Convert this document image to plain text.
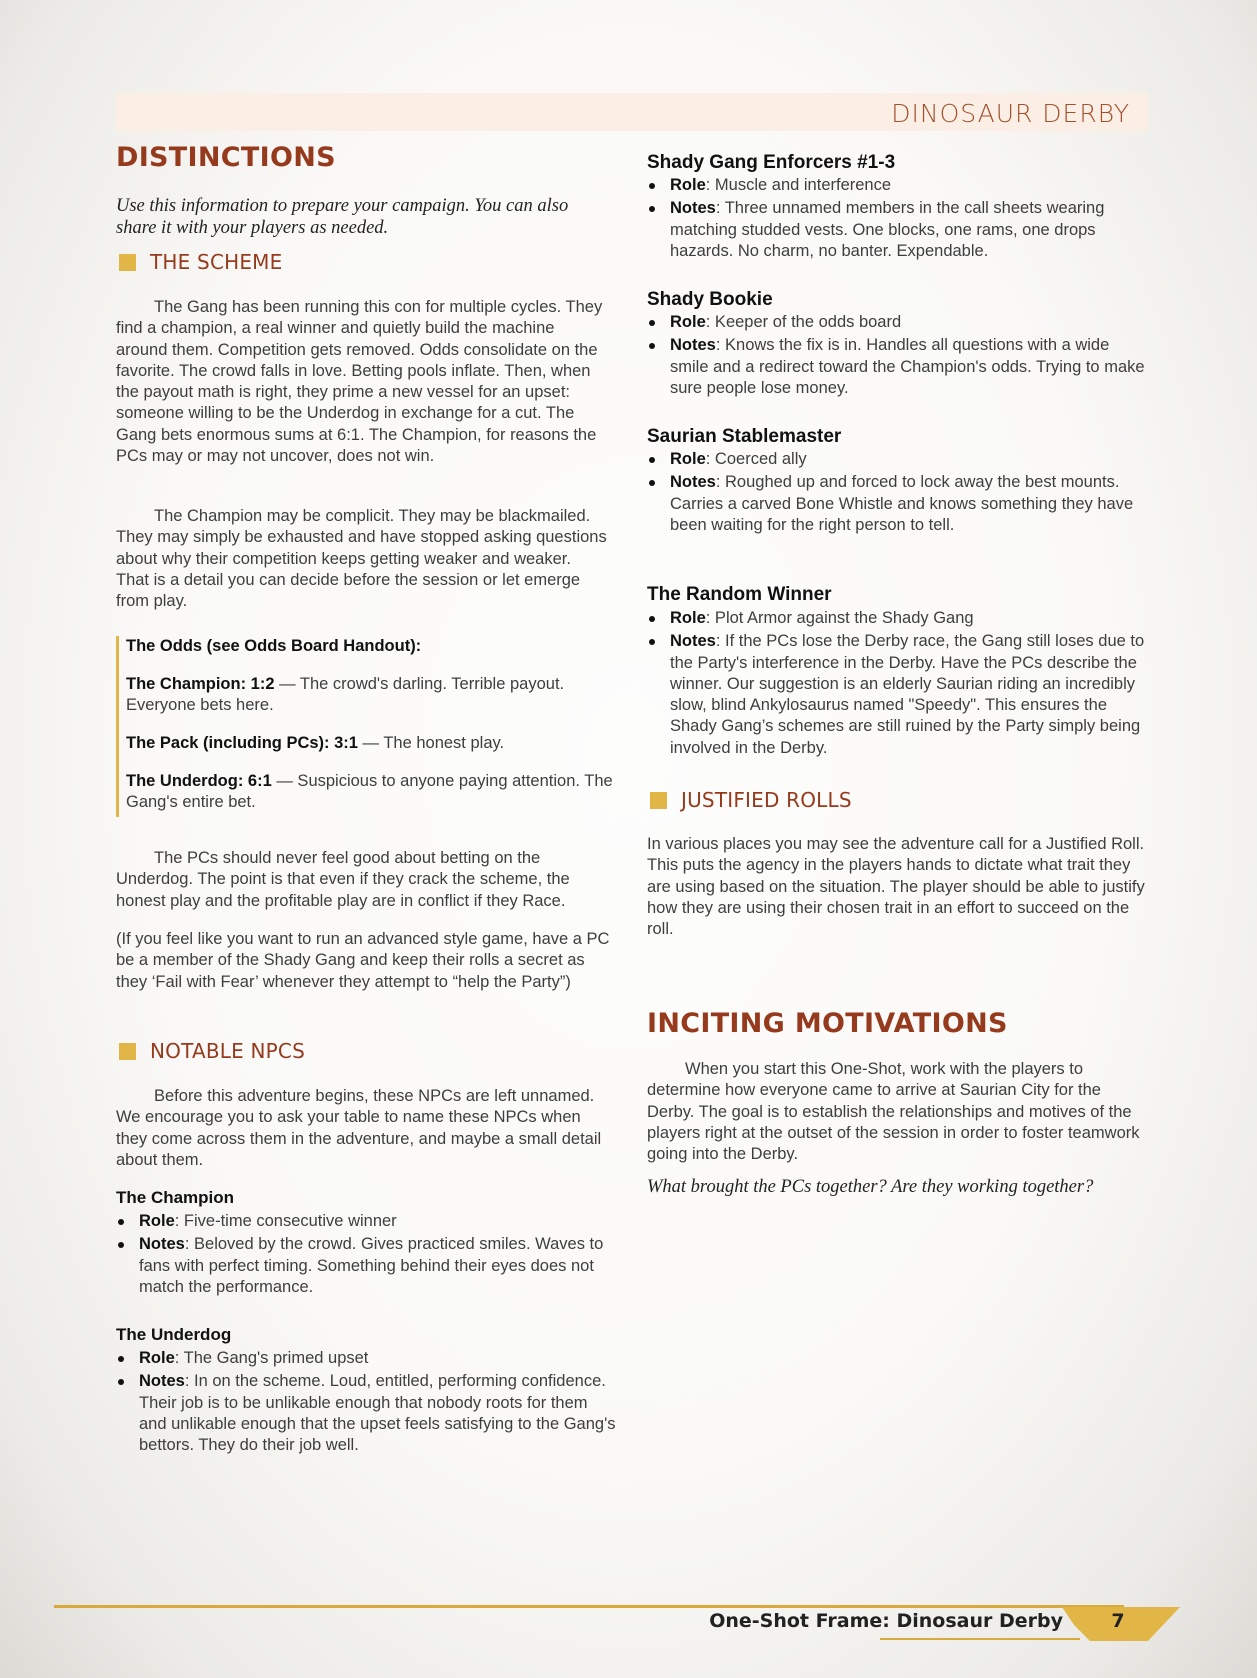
DINOSAUR DERBY
DISTINCTIONS

Use this information to prepare your campaign. You can also share it with your players as needed.

THE SCHEME

The Gang has been running this con for multiple cycles. They find a champion, a real winner and quietly build the machine around them. Competition gets removed. Odds consolidate on the favorite. The crowd falls in love. Betting pools inflate. Then, when the payout math is right, they prime a new vessel for an upset: someone willing to be the Underdog in exchange for a cut. The Gang bets enormous sums at 6:1. The Champion, for reasons the PCs may or may not uncover, does not win.

The Champion may be complicit. They may be blackmailed. They may simply be exhausted and have stopped asking questions about why their competition keeps getting weaker and weaker. That is a detail you can decide before the session or let emerge from play.

The Odds (see Odds Board Handout):

The Champion: 1:2 — The crowd's darling. Terrible payout. Everyone bets here.

The Pack (including PCs): 3:1 — The honest play.

The Underdog: 6:1 — Suspicious to anyone paying attention. The Gang's entire bet.

The PCs should never feel good about betting on the Underdog. The point is that even if they crack the scheme, the honest play and the profitable play are in conflict if they Race.

(If you feel like you want to run an advanced style game, have a PC be a member of the Shady Gang and keep their rolls a secret as they ‘Fail with Fear’ whenever they attempt to “help the Party”)

NOTABLE NPCS

Before this adventure begins, these NPCs are left unnamed. We encourage you to ask your table to name these NPCs when they come across them in the adventure, and maybe a small detail about them.

The Champion
Role: Five-time consecutive winner
Notes: Beloved by the crowd. Gives practiced smiles. Waves to fans with perfect timing. Something behind their eyes does not match the performance.
The Underdog
Role: The Gang's primed upset
Notes: In on the scheme. Loud, entitled, performing confidence. Their job is to be unlikable enough that nobody roots for them and unlikable enough that the upset feels satisfying to the Gang's bettors. They do their job well.
Shady Gang Enforcers #1-3
Role: Muscle and interference
Notes: Three unnamed members in the call sheets wearing matching studded vests. One blocks, one rams, one drops hazards. No charm, no banter. Expendable.
Shady Bookie
Role: Keeper of the odds board
Notes: Knows the fix is in. Handles all questions with a wide smile and a redirect toward the Champion's odds. Trying to make sure people lose money.
Saurian Stablemaster
Role: Coerced ally
Notes: Roughed up and forced to lock away the best mounts. Carries a carved Bone Whistle and knows something they have been waiting for the right person to tell.
The Random Winner
Role: Plot Armor against the Shady Gang
Notes: If the PCs lose the Derby race, the Gang still loses due to the Party's interference in the Derby. Have the PCs describe the winner. Our suggestion is an elderly Saurian riding an incredibly slow, blind Ankylosaurus named "Speedy". This ensures the Shady Gang’s schemes are still ruined by the Party simply being involved in the Derby.
JUSTIFIED ROLLS

In various places you may see the adventure call for a Justified Roll. This puts the agency in the players hands to dictate what trait they are using based on the situation. The player should be able to justify how they are using their chosen trait in an effort to succeed on the roll.

INCITING MOTIVATIONS

When you start this One-Shot, work with the players to determine how everyone came to arrive at Saurian City for the Derby. The goal is to establish the relationships and motives of the players right at the outset of the session in order to foster teamwork going into the Derby.

What brought the PCs together? Are they working together?

One-Shot Frame: Dinosaur Derby	7
